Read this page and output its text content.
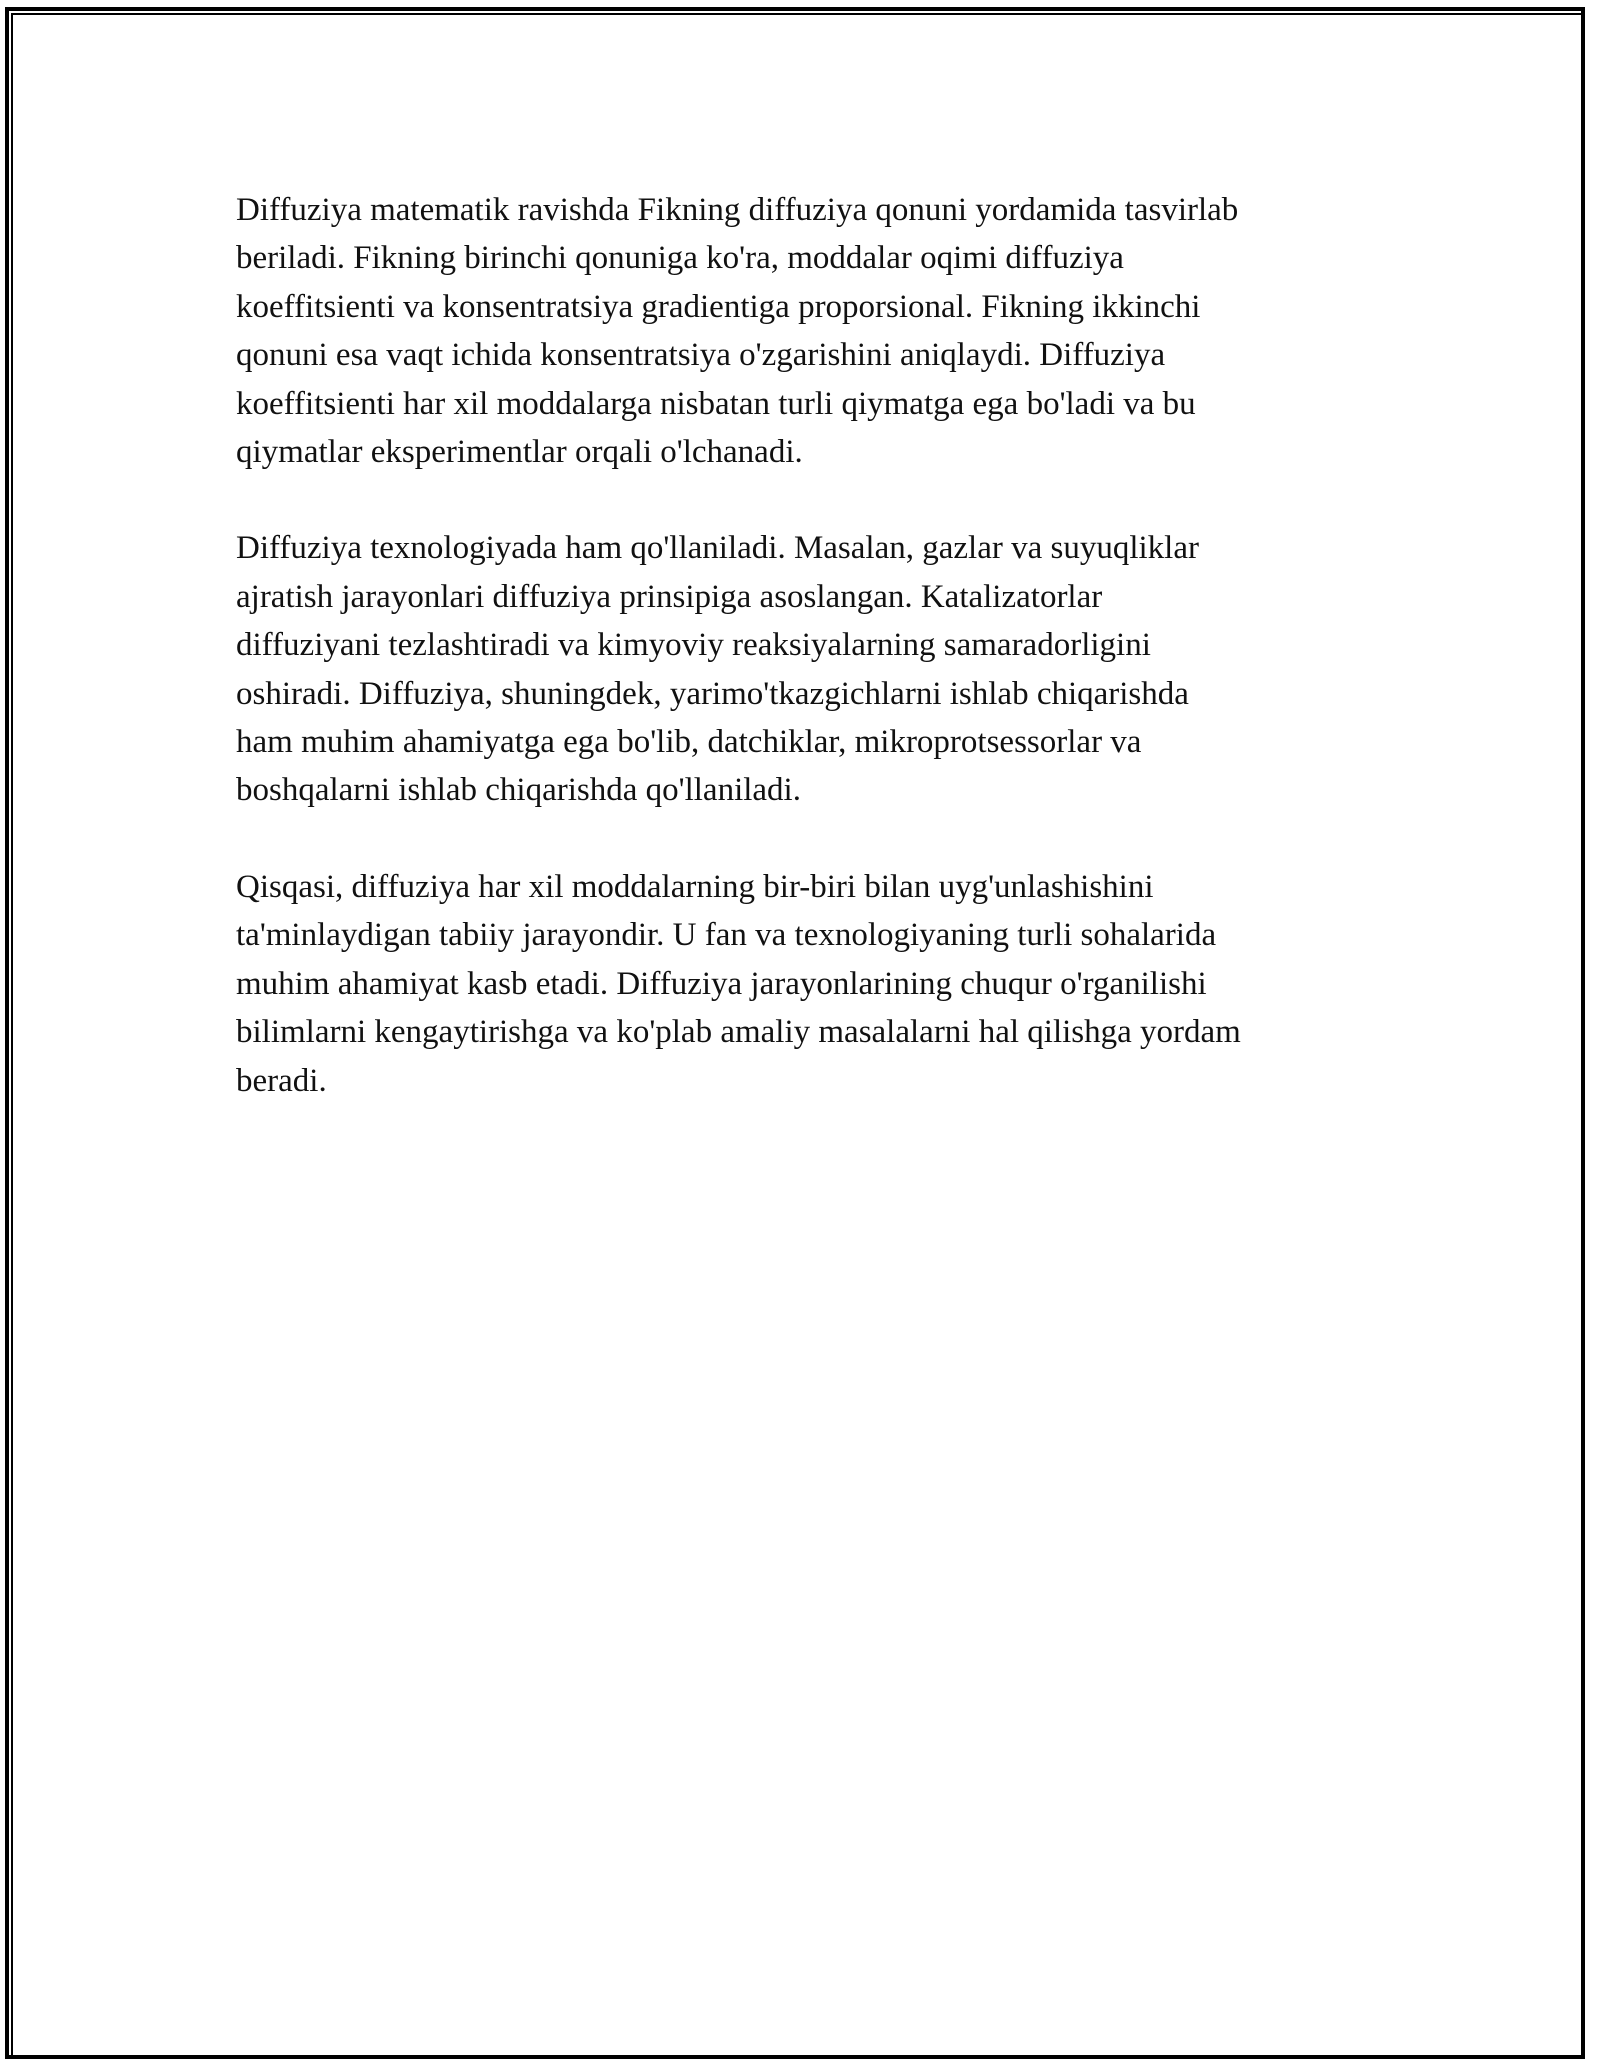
Diffuziya matematik ravishda Fikning diffuziya qonuni yordamida tasvirlab
beriladi. Fikning birinchi qonuniga ko'ra, moddalar oqimi diffuziya
koeffitsienti va konsentratsiya gradientiga proporsional. Fikning ikkinchi
qonuni esa vaqt ichida konsentratsiya o'zgarishini aniqlaydi. Diffuziya
koeffitsienti har xil moddalarga nisbatan turli qiymatga ega bo'ladi va bu
qiymatlar eksperimentlar orqali o'lchanadi.

Diffuziya texnologiyada ham qo'llaniladi. Masalan, gazlar va suyuqliklar
ajratish jarayonlari diffuziya prinsipiga asoslangan. Katalizatorlar
diffuziyani tezlashtiradi va kimyoviy reaksiyalarning samaradorligini
oshiradi. Diffuziya, shuningdek, yarimo'tkazgichlarni ishlab chiqarishda
ham muhim ahamiyatga ega bo'lib, datchiklar, mikroprotsessorlar va
boshqalarni ishlab chiqarishda qo'llaniladi.

Qisqasi, diffuziya har xil moddalarning bir-biri bilan uyg'unlashishini
ta'minlaydigan tabiiy jarayondir. U fan va texnologiyaning turli sohalarida
muhim ahamiyat kasb etadi. Diffuziya jarayonlarining chuqur o'rganilishi
bilimlarni kengaytirishga va ko'plab amaliy masalalarni hal qilishga yordam
beradi.
